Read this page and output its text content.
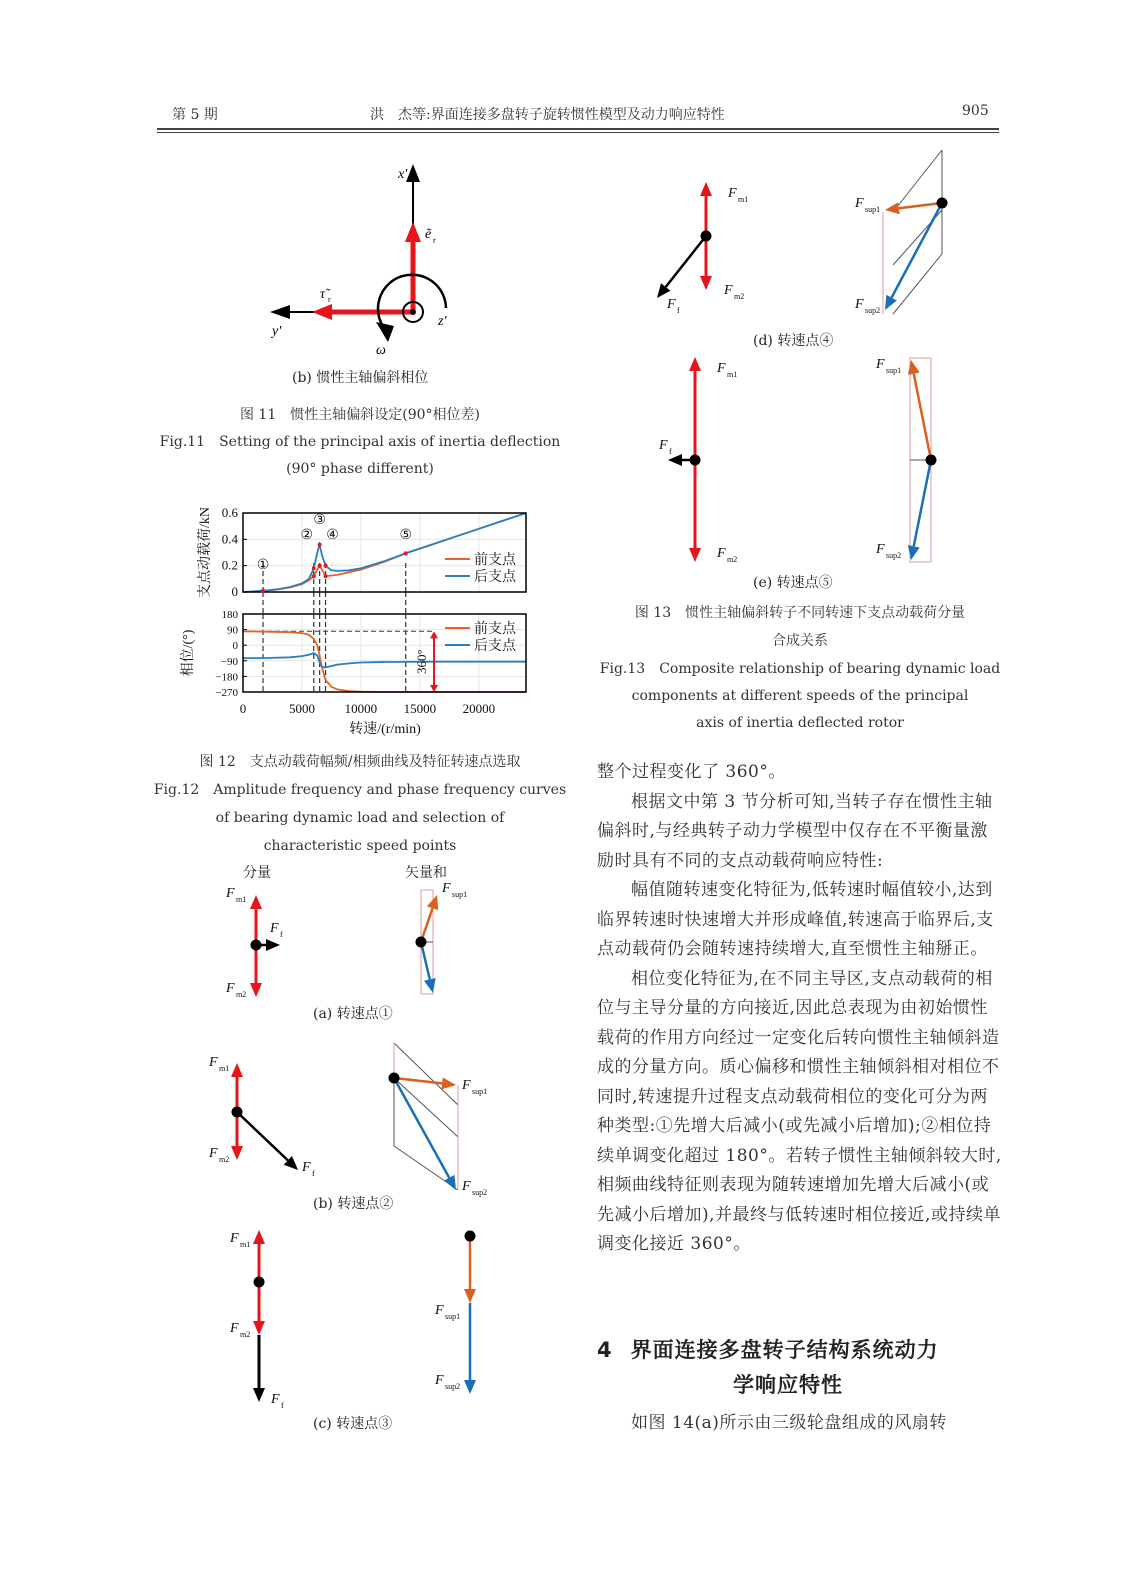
第 5 期	洪　杰等:界面连接多盘转子旋转惯性模型及动力响应特性	905
x'
ẽ r
τ̃ r
y'
z'
ω
(b) 惯性主轴偏斜相位
图 11　惯性主轴偏斜设定(90°相位差)
Fig.11　Setting of the principal axis of inertia deflection
(90° phase different)
0
0.2
0.4
0.6
前支点
后支点
支点动载荷/kN
180
90
0
−90
−180
−270
前支点
后支点
相位/(°)
①
②
③
④	⑤
0	5000 10000 15000 20000
转速/(r/min)
360°
图 12　支点动载荷幅频/相频曲线及特征转速点选取
Fig.12　Amplitude frequency and phase frequency curves
of bearing dynamic load and selection of
characteristic speed points
分量	矢量和
F m1
F m2
F f
F sup1
F m1
F m2
F f
F sup1
F sup2
F m1
F m2
F f
F sup1
F sup2
F m1
F m2
F f
F sup1
F sup2
F m1
F m2
F f
F sup1
F sup2
(a) 转速点①
(b) 转速点②
(c) 转速点③
(d) 转速点④
(e) 转速点⑤
图 13　惯性主轴偏斜转子不同转速下支点动载荷分量
合成关系
Fig.13　Composite relationship of bearing dynamic load
components at different speeds of the principal
axis of inertia deflected rotor

整个过程变化了 360°。

根据文中第 3 节分析可知,当转子存在惯性主轴偏斜时,与经典转子动力学模型中仅存在不平衡量激励时具有不同的支点动载荷响应特性:

幅值随转速变化特征为,低转速时幅值较小,达到临界转速时快速增大并形成峰值,转速高于临界后,支点动载荷仍会随转速持续增大,直至惯性主轴掰正。

相位变化特征为,在不同主导区,支点动载荷的相位与主导分量的方向接近,因此总表现为由初始惯性载荷的作用方向经过一定变化后转向惯性主轴倾斜造成的分量方向。质心偏移和惯性主轴倾斜相对相位不同时,转速提升过程支点动载荷相位的变化可分为两种类型:①先增大后减小(或先减小后增加);②相位持续单调变化超过 180°。若转子惯性主轴倾斜较大时,相频曲线特征则表现为随转速增加先增大后减小(或先减小后增加),并最终与低转速时相位接近,或持续单调变化接近 360°。

4 界面连接多盘转子结构系统动力
学响应特性

如图 14(a)所示由三级轮盘组成的风扇转
